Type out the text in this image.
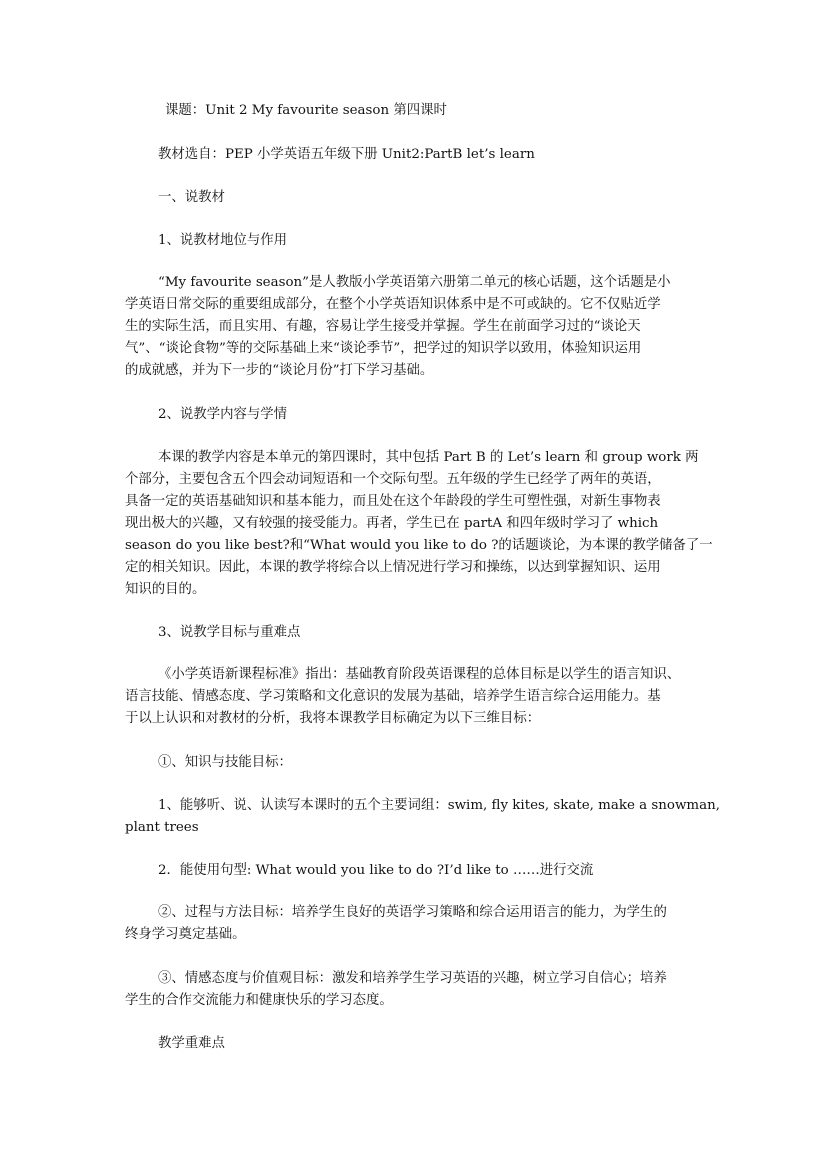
课题：Unit 2 My favourite season 第四课时
教材选自：PEP 小学英语五年级下册 Unit2:PartB let’s learn
一、说教材
1、说教材地位与作用
“My favourite season”是人教版小学英语第六册第二单元的核心话题，这个话题是小
学英语日常交际的重要组成部分，在整个小学英语知识体系中是不可或缺的。它不仅贴近学
生的实际生活，而且实用、有趣，容易让学生接受并掌握。学生在前面学习过的“谈论天
气”、“谈论食物”等的交际基础上来“谈论季节”，把学过的知识学以致用，体验知识运用
的成就感，并为下一步的“谈论月份”打下学习基础。
2、说教学内容与学情
本课的教学内容是本单元的第四课时，其中包括 Part B 的 Let’s learn 和 group work 两
个部分，主要包含五个四会动词短语和一个交际句型。五年级的学生已经学了两年的英语，
具备一定的英语基础知识和基本能力，而且处在这个年龄段的学生可塑性强，对新生事物表
现出极大的兴趣，又有较强的接受能力。再者，学生已在 partA 和四年级时学习了 which
season do you like best?和“What would you like to do ?的话题谈论，为本课的教学储备了一
定的相关知识。因此，本课的教学将综合以上情况进行学习和操练，以达到掌握知识、运用
知识的目的。
3、说教学目标与重难点
《小学英语新课程标准》指出：基础教育阶段英语课程的总体目标是以学生的语言知识、
语言技能、情感态度、学习策略和文化意识的发展为基础，培养学生语言综合运用能力。基
于以上认识和对教材的分析，我将本课教学目标确定为以下三维目标：
①、知识与技能目标：
1、能够听、说、认读写本课时的五个主要词组：swim, fly kites, skate, make a snowman,
plant trees
2．能使用句型: What would you like to do ?I’d like to ……进行交流
②、过程与方法目标：培养学生良好的英语学习策略和综合运用语言的能力，为学生的
终身学习奠定基础。
③、情感态度与价值观目标：激发和培养学生学习英语的兴趣，树立学习自信心；培养
学生的合作交流能力和健康快乐的学习态度。
教学重难点
